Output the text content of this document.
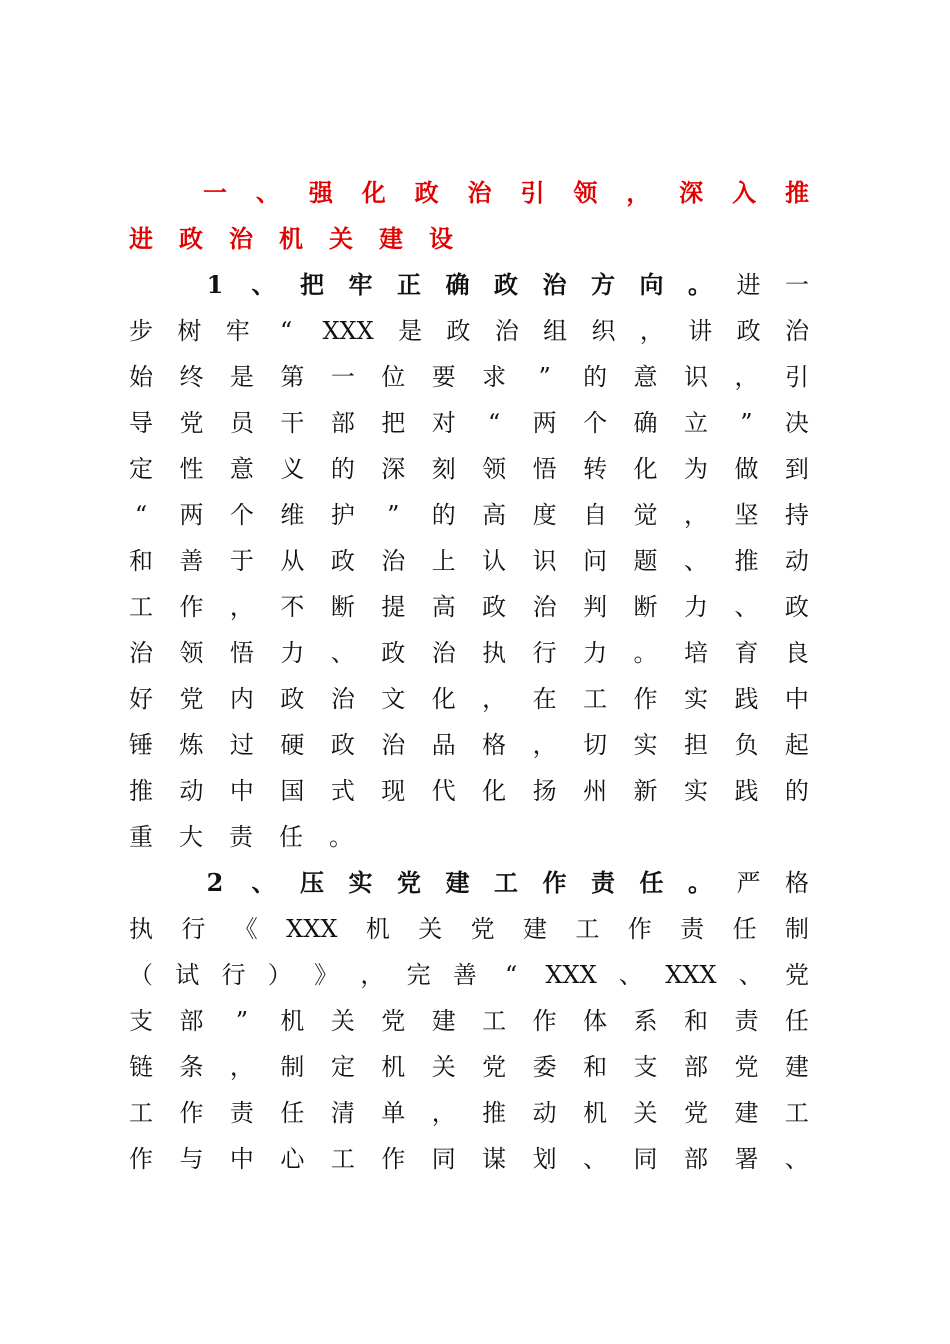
一 、 强 化 政 治 引 领 ， 深 入 推
进 政 治 机 关 建 设
1 、 把 牢 正 确 政 治 方 向 。 进 一
步 树 牢 “ XXX 是 政 治 组 织 ， 讲 政 治
始 终 是 第 一 位 要 求 ” 的 意 识 ， 引
导 党 员 干 部 把 对 “ 两 个 确 立 ” 决
定 性 意 义 的 深 刻 领 悟 转 化 为 做 到
“ 两 个 维 护 ” 的 高 度 自 觉 ， 坚 持
和 善 于 从 政 治 上 认 识 问 题 、 推 动
工 作 ， 不 断 提 高 政 治 判 断 力 、 政
治 领 悟 力 、 政 治 执 行 力 。 培 育 良
好 党 内 政 治 文 化 ， 在 工 作 实 践 中
锤 炼 过 硬 政 治 品 格 ， 切 实 担 负 起
推 动 中 国 式 现 代 化 扬 州 新 实 践 的
重 大 责 任 。
2 、 压 实 党 建 工 作 责 任 。 严 格
执 行 《 XXX 机 关 党 建 工 作 责 任 制
（ 试 行 ） 》 ， 完 善 “ XXX 、 XXX 、 党
支 部 ” 机 关 党 建 工 作 体 系 和 责 任
链 条 ， 制 定 机 关 党 委 和 支 部 党 建
工 作 责 任 清 单 ， 推 动 机 关 党 建 工
作 与 中 心 工 作 同 谋 划 、 同 部 署 、
